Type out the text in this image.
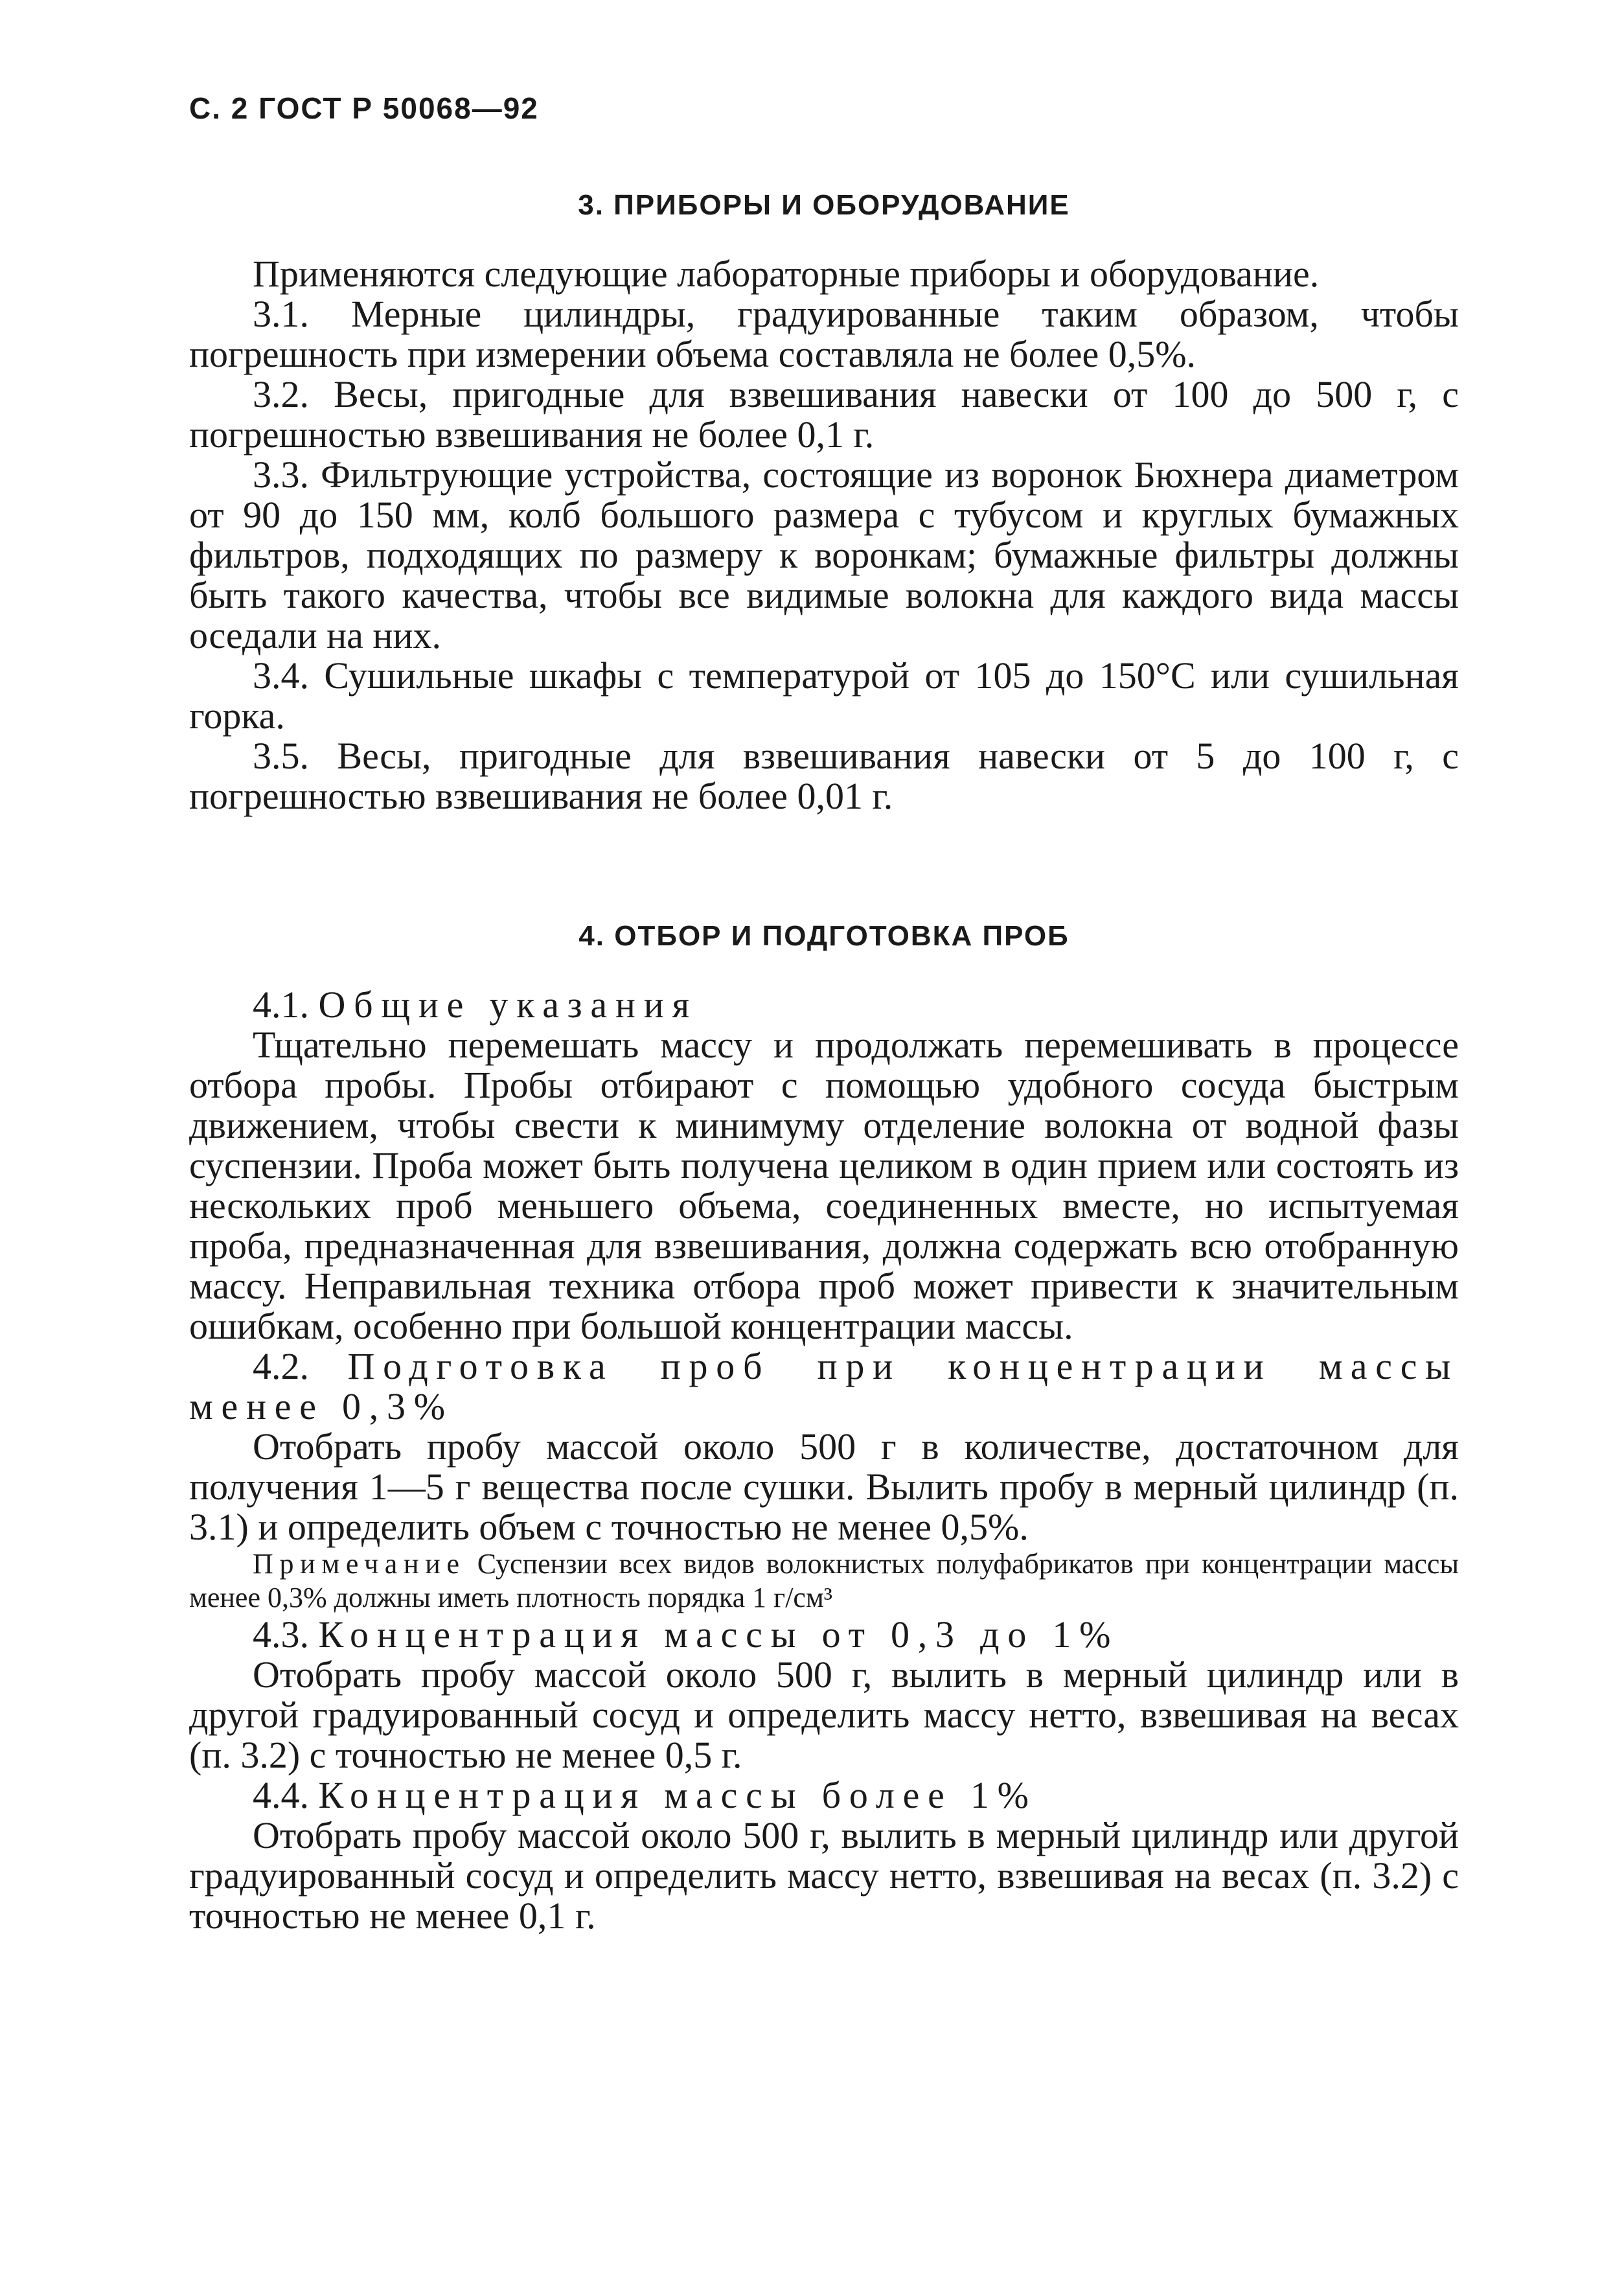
С. 2 ГОСТ Р 50068—92
3. ПРИБОРЫ И ОБОРУДОВАНИЕ

Применяются следующие лабораторные приборы и оборудование.

3.1. Мерные цилиндры, градуированные таким образом, чтобы погрешность при измерении объема составляла не более 0,5%.

3.2. Весы, пригодные для взвешивания навески от 100 до 500 г, с погрешностью взвешивания не более 0,1 г.

3.3. Фильтрующие устройства, состоящие из воронок Бюхнера диаметром от 90 до 150 мм, колб большого размера с тубусом и круглых бумажных фильтров, подходящих по размеру к воронкам; бумажные фильтры должны быть такого качества, чтобы все видимые волокна для каждого вида массы оседали на них.

3.4. Сушильные шкафы с температурой от 105 до 150°С или сушильная горка.

3.5. Весы, пригодные для взвешивания навески от 5 до 100 г, с погрешностью взвешивания не более 0,01 г.

4. ОТБОР И ПОДГОТОВКА ПРОБ

4.1. Общие указания

Тщательно перемешать массу и продолжать перемешивать в процессе отбора пробы. Пробы отбирают с помощью удобного сосуда быстрым движением, чтобы свести к минимуму отделение волокна от водной фазы суспензии. Проба может быть получена целиком в один прием или состоять из нескольких проб меньшего объема, соединенных вместе, но испытуемая проба, предназначенная для взвешивания, должна содержать всю отобранную массу. Неправильная техника отбора проб может привести к значительным ошибкам, особенно при большой концентрации массы.

4.2. Подготовка проб при концентрации массы менее 0,3%

Отобрать пробу массой около 500 г в количестве, достаточном для получения 1—5 г вещества после сушки. Вылить пробу в мерный цилиндр (п. 3.1) и определить объем с точностью не менее 0,5%.

Примечание Суспензии всех видов волокнистых полуфабрикатов при концентрации массы менее 0,3% должны иметь плотность порядка 1 г/см³

4.3. Концентрация массы от 0,3 до 1%

Отобрать пробу массой около 500 г, вылить в мерный цилиндр или в другой градуированный сосуд и определить массу нетто, взвешивая на весах (п. 3.2) с точностью не менее 0,5 г.

4.4. Концентрация массы более 1%

Отобрать пробу массой около 500 г, вылить в мерный цилиндр или другой градуированный сосуд и определить массу нетто, взвешивая на весах (п. 3.2) с точностью не менее 0,1 г.
